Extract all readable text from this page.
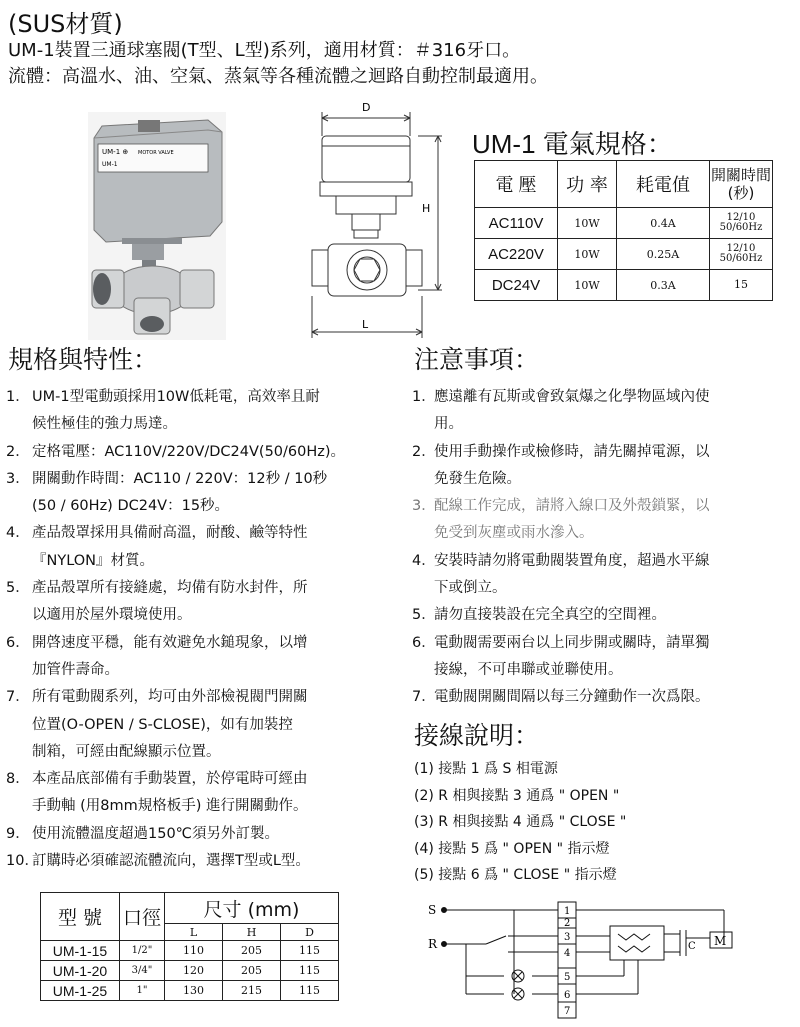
(SUS材質)
UM-1裝置三通球塞閥(T型、L型)系列，適用材質：＃316牙口。
流體：高溫水、油、空氣、蒸氣等各種流體之迴路自動控制最適用。
UM-1 ⊕ MOTOR VALVE
UM-1
D
H
L
UM-1 電氣規格：
電 壓	功 率	耗電值	開關時間
(秒)

AC110V	10W	0.4A	12/10
50/60Hz

AC220V	10W	0.25A	12/10
50/60Hz

DC24V	10W	0.3A	15
規格與特性：	注意事項：
1． UM-1型電動頭採用10W低耗電，高效率且耐
候性極佳的強力馬達。
2． 定格電壓：AC110V/220V/DC24V(50/60Hz)。
3． 開關動作時間：AC110 / 220V：12秒 / 10秒
(50 / 60Hz) DC24V：15秒。
4． 產品殼罩採用具備耐高溫，耐酸、鹼等特性
『NYLON』材質。
5． 產品殼罩所有接縫處，均備有防水封件，所
以適用於屋外環境使用。
6． 開啓速度平穩，能有效避免水鎚現象，以增
加管件壽命。
7． 所有電動閥系列，均可由外部檢視閥門開關
位置(O-OPEN / S-CLOSE)，如有加裝控
制箱，可經由配線顯示位置。
8． 本產品底部備有手動裝置，於停電時可經由
手動軸 (用8mm規格板手) 進行開關動作。
9． 使用流體溫度超過150℃須另外訂製。
10．
訂購時必須確認流體流向，選擇T型或L型。
1．
應遠離有瓦斯或會致氣爆之化學物區域內使
用。
2．
使用手動操作或檢修時，請先關掉電源，以
免發生危險。
3．
配線工作完成，請將入線口及外殼鎖緊，以
免受到灰塵或雨水滲入。
4．
安裝時請勿將電動閥裝置角度，超過水平線
下或倒立。
5．
請勿直接裝設在完全真空的空間裡。
6．
電動閥需要兩台以上同步開或關時，請單獨
接線，不可串聯或並聯使用。
7．
電動閥開關間隔以每三分鐘動作一次爲限。
接線說明：
(1) 接點 1 爲 S 相電源
(2) R 相與接點 3 通爲 " OPEN "
(3) R 相與接點 4 通爲 " CLOSE "
(4) 接點 5 爲 " OPEN " 指示燈
(5) 接點 6 爲 " CLOSE " 指示燈
型 號	口徑	尺寸 (mm)		
		L	H	D
UM-1-15	1/2"	110	205	115
UM-1-20	3/4"	120	205	115
UM-1-25	1"	130	215	115
S
R
1
2
3
4
5
6
7
C M
